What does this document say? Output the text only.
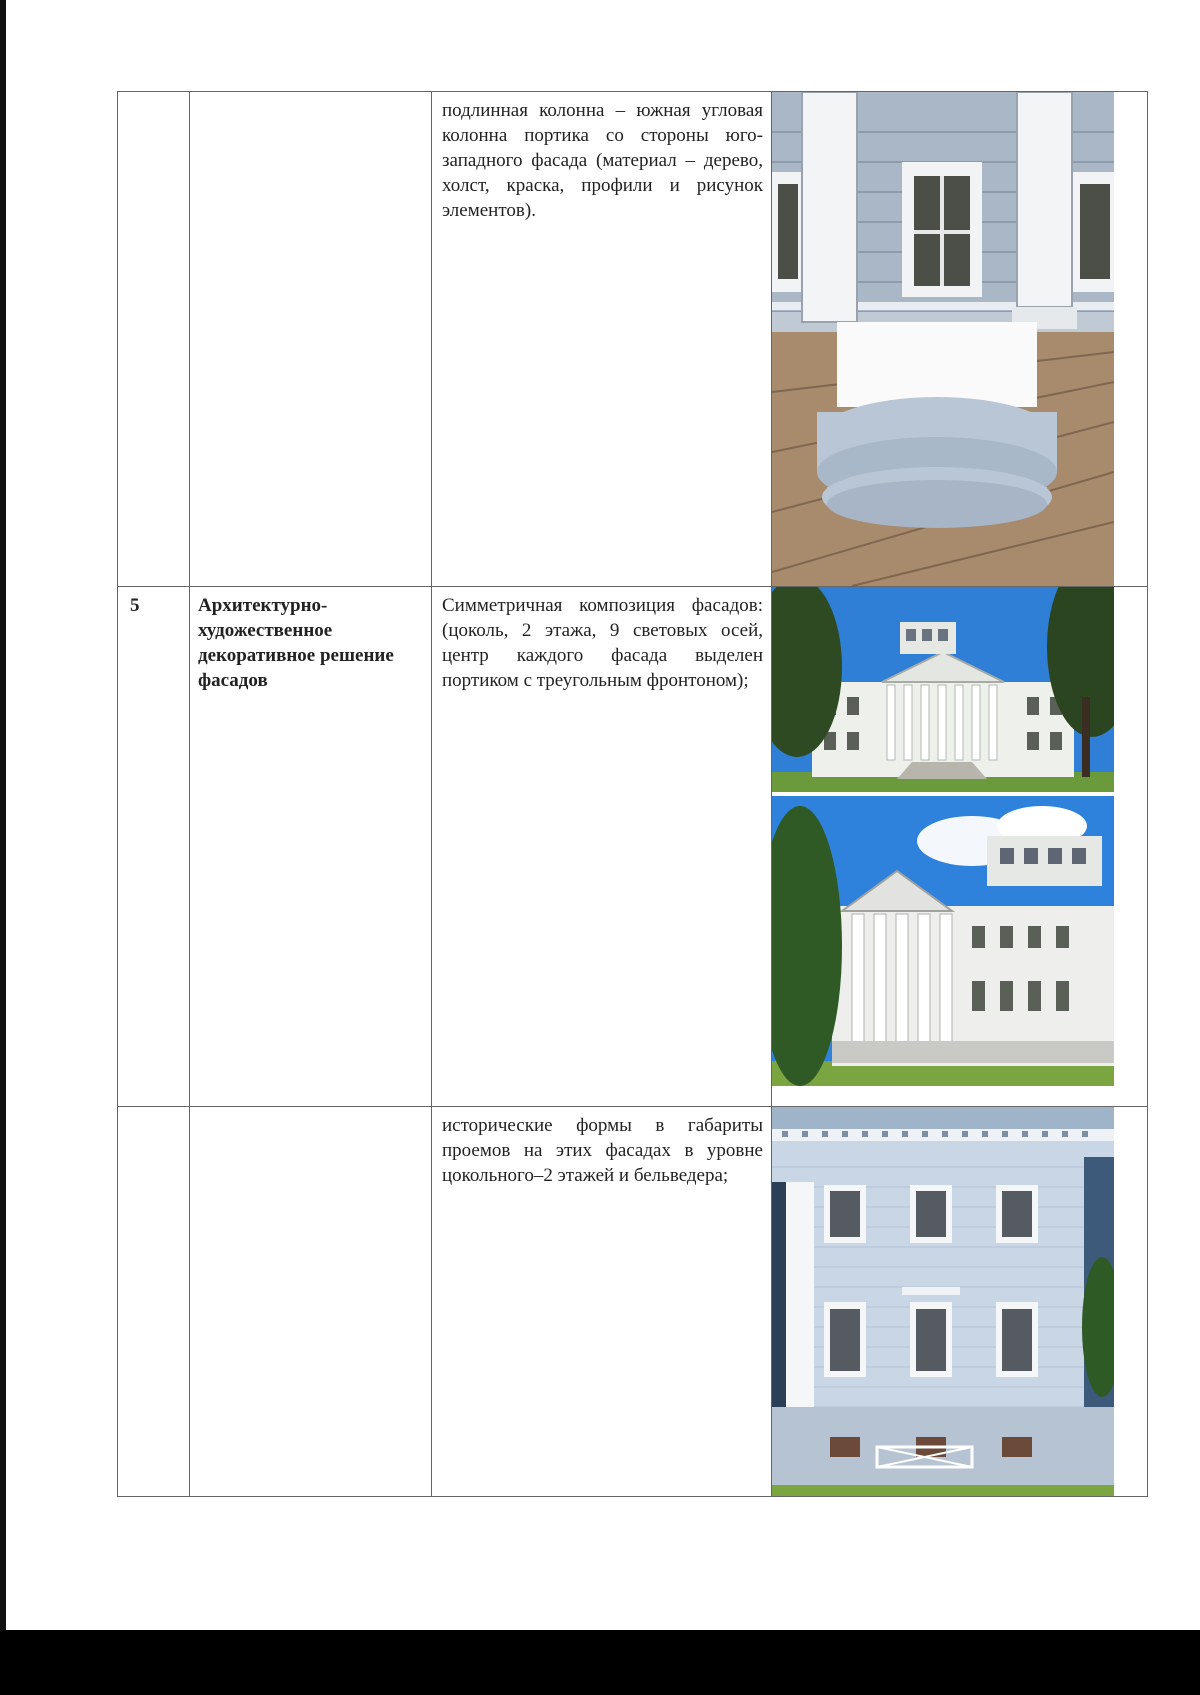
		подлинная колонна – южная угловая колонна портика со стороны юго-западного фасада (материал – дерево, холст, краска, профили и рисунок элементов).	

5	Архитектурно-художественное декоративное решение фасадов	Симметричная композиция фасадов: (цоколь, 2 этажа, 9 световых осей, центр каждого фасада выделен портиком с треугольным фронтоном);	

		исторические формы в габариты проемов на этих фасадах в уровне цокольного–2 этажей и бельведера;	
